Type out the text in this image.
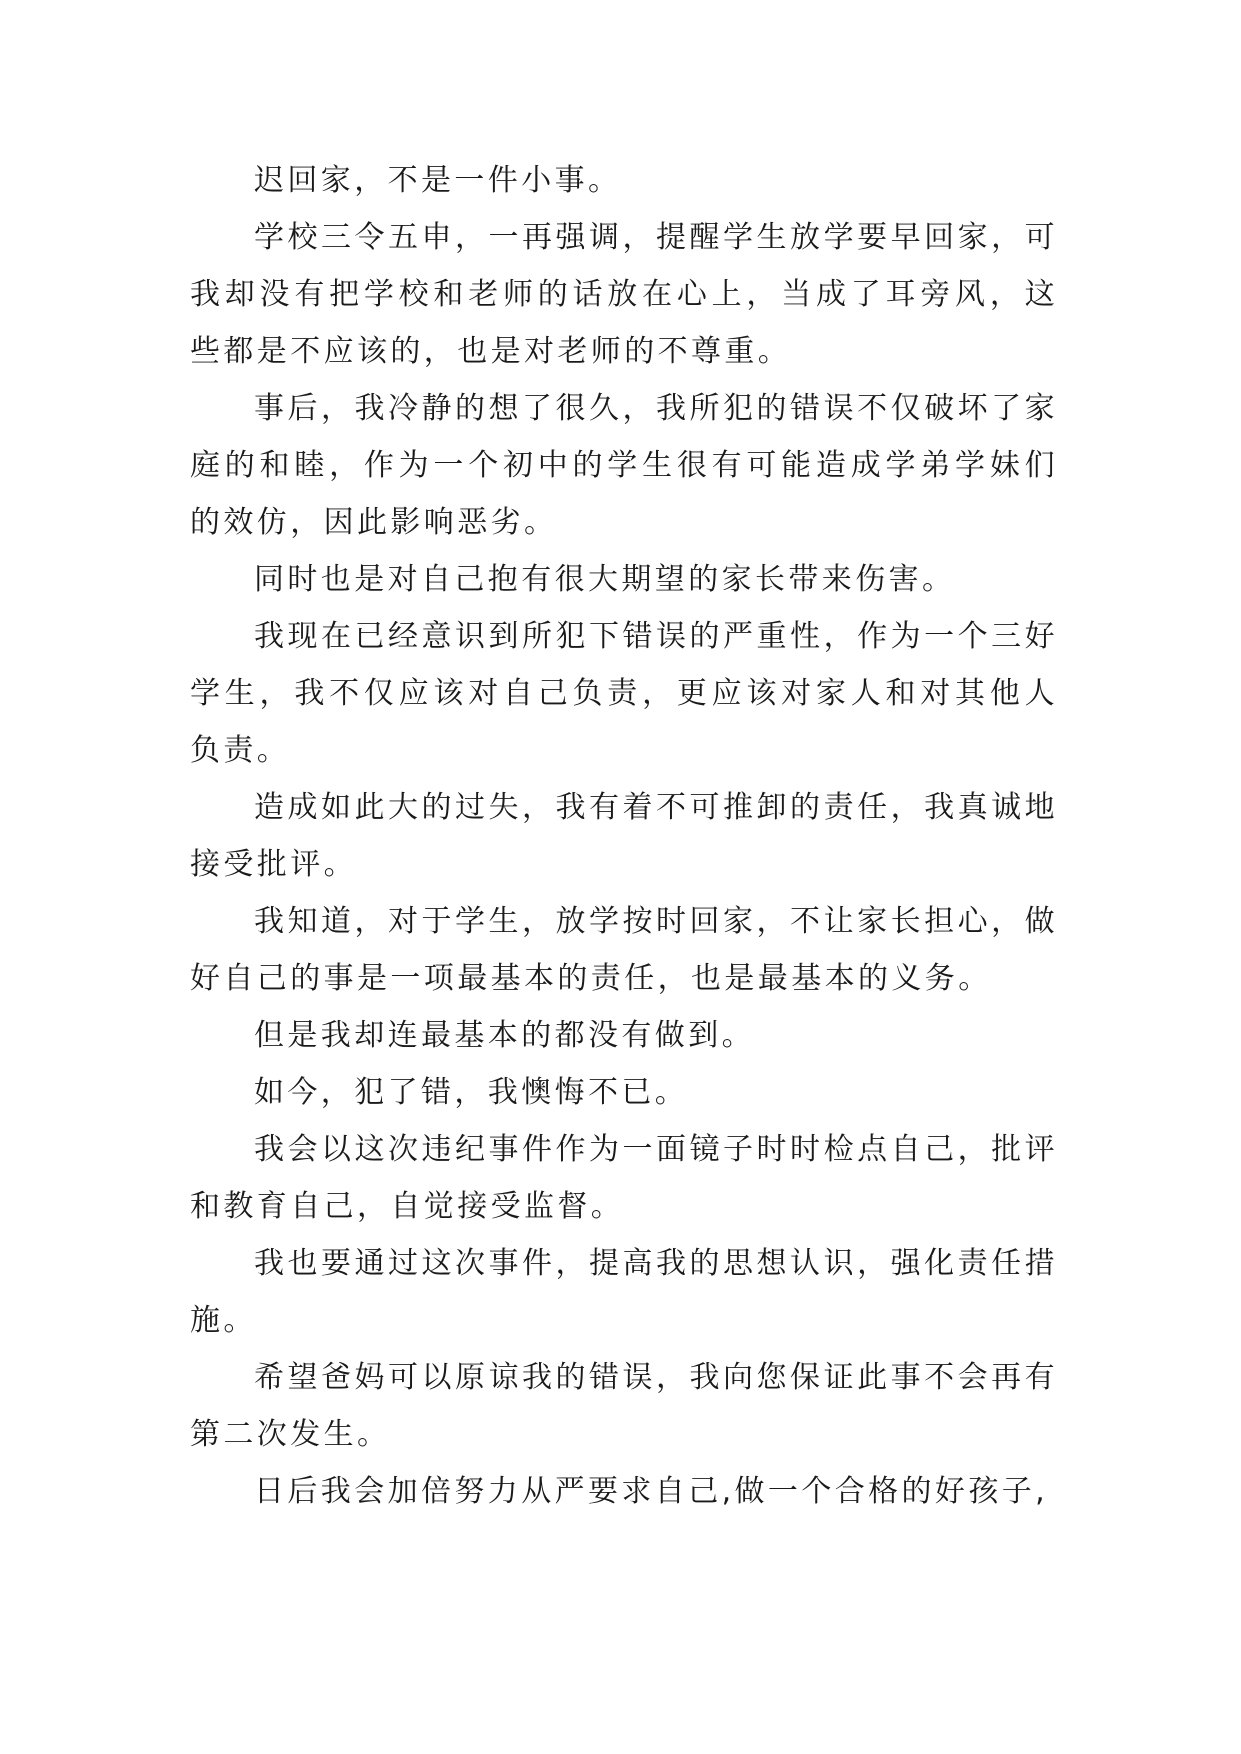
迟回家，不是一件小事。

学校三令五申，一再强调，提醒学生放学要早回家，可我却没有把学校和老师的话放在心上，当成了耳旁风，这些都是不应该的，也是对老师的不尊重。

事后，我冷静的想了很久，我所犯的错误不仅破坏了家庭的和睦，作为一个初中的学生很有可能造成学弟学妹们的效仿，因此影响恶劣。

同时也是对自己抱有很大期望的家长带来伤害。

我现在已经意识到所犯下错误的严重性，作为一个三好学生，我不仅应该对自己负责，更应该对家人和对其他人负责。

造成如此大的过失，我有着不可推卸的责任，我真诚地接受批评。

我知道，对于学生，放学按时回家，不让家长担心，做好自己的事是一项最基本的责任，也是最基本的义务。

但是我却连最基本的都没有做到。

如今，犯了错，我懊悔不已。

我会以这次违纪事件作为一面镜子时时检点自己，批评和教育自己，自觉接受监督。

我也要通过这次事件，提高我的思想认识，强化责任措施。

希望爸妈可以原谅我的错误，我向您保证此事不会再有第二次发生。

日后我会加倍努力从严要求自己,做一个合格的好孩子,
